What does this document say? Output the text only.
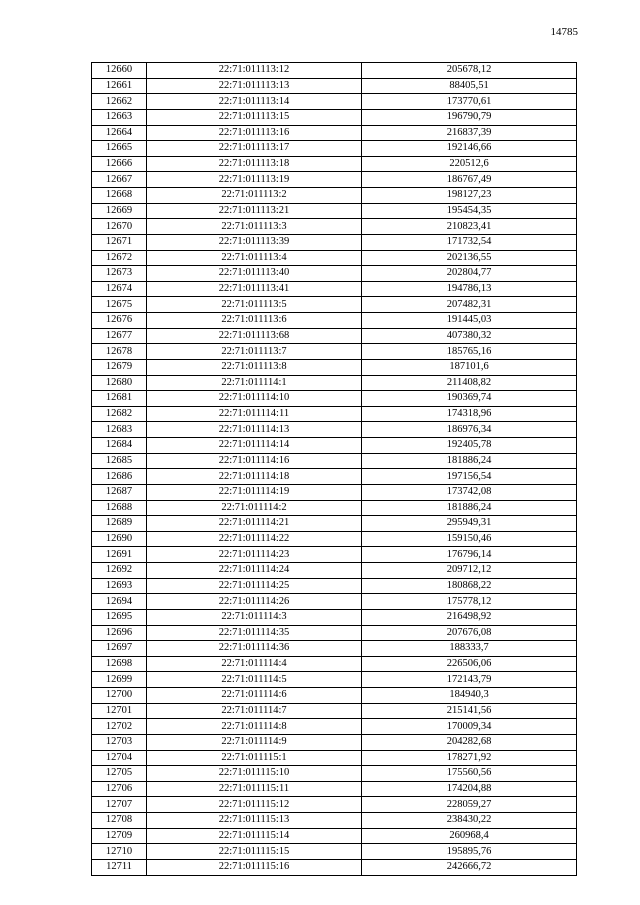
14785
12660	22:71:011113:12	205678,12
12661	22:71:011113:13	88405,51
12662	22:71:011113:14	173770,61
12663	22:71:011113:15	196790,79
12664	22:71:011113:16	216837,39
12665	22:71:011113:17	192146,66
12666	22:71:011113:18	220512,6
12667	22:71:011113:19	186767,49
12668	22:71:011113:2	198127,23
12669	22:71:011113:21	195454,35
12670	22:71:011113:3	210823,41
12671	22:71:011113:39	171732,54
12672	22:71:011113:4	202136,55
12673	22:71:011113:40	202804,77
12674	22:71:011113:41	194786,13
12675	22:71:011113:5	207482,31
12676	22:71:011113:6	191445,03
12677	22:71:011113:68	407380,32
12678	22:71:011113:7	185765,16
12679	22:71:011113:8	187101,6
12680	22:71:011114:1	211408,82
12681	22:71:011114:10	190369,74
12682	22:71:011114:11	174318,96
12683	22:71:011114:13	186976,34
12684	22:71:011114:14	192405,78
12685	22:71:011114:16	181886,24
12686	22:71:011114:18	197156,54
12687	22:71:011114:19	173742,08
12688	22:71:011114:2	181886,24
12689	22:71:011114:21	295949,31
12690	22:71:011114:22	159150,46
12691	22:71:011114:23	176796,14
12692	22:71:011114:24	209712,12
12693	22:71:011114:25	180868,22
12694	22:71:011114:26	175778,12
12695	22:71:011114:3	216498,92
12696	22:71:011114:35	207676,08
12697	22:71:011114:36	188333,7
12698	22:71:011114:4	226506,06
12699	22:71:011114:5	172143,79
12700	22:71:011114:6	184940,3
12701	22:71:011114:7	215141,56
12702	22:71:011114:8	170009,34
12703	22:71:011114:9	204282,68
12704	22:71:011115:1	178271,92
12705	22:71:011115:10	175560,56
12706	22:71:011115:11	174204,88
12707	22:71:011115:12	228059,27
12708	22:71:011115:13	238430,22
12709	22:71:011115:14	260968,4
12710	22:71:011115:15	195895,76
12711	22:71:011115:16	242666,72
